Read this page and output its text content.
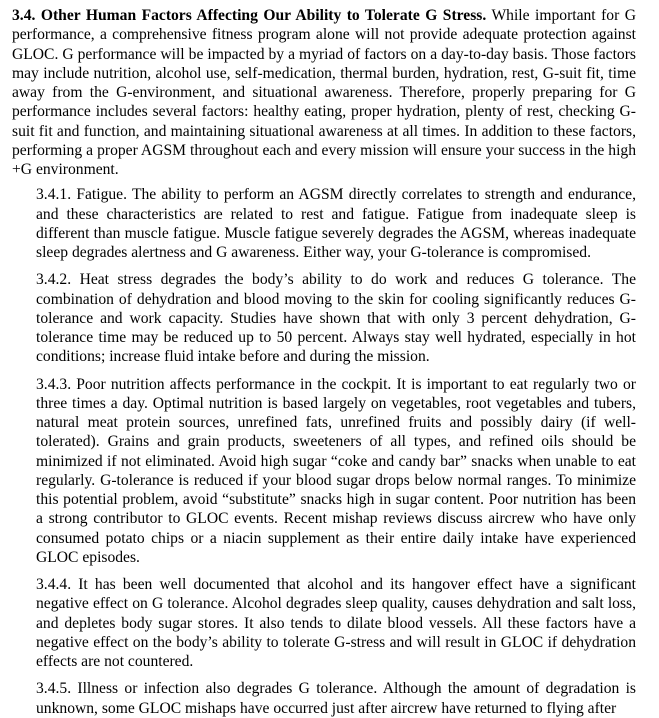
3.4. Other Human Factors Affecting Our Ability to Tolerate G Stress. While important for G performance, a comprehensive fitness program alone will not provide adequate protection against GLOC. G performance will be impacted by a myriad of factors on a day-to-day basis. Those factors may include nutrition, alcohol use, self-medication, thermal burden, hydration, rest, G-suit fit, time away from the G-environment, and situational awareness. Therefore, properly preparing for G performance includes several factors: healthy eating, proper hydration, plenty of rest, checking G-suit fit and function, and maintaining situational awareness at all times. In addition to these factors, performing a proper AGSM throughout each and every mission will ensure your success in the high +G environment.

3.4.1. Fatigue. The ability to perform an AGSM directly correlates to strength and endurance, and these characteristics are related to rest and fatigue. Fatigue from inadequate sleep is different than muscle fatigue. Muscle fatigue severely degrades the AGSM, whereas inadequate sleep degrades alertness and G awareness. Either way, your G-tolerance is compromised.

3.4.2. Heat stress degrades the body’s ability to do work and reduces G tolerance. The combination of dehydration and blood moving to the skin for cooling significantly reduces G-tolerance and work capacity. Studies have shown that with only 3 percent dehydration, G-tolerance time may be reduced up to 50 percent. Always stay well hydrated, especially in hot conditions; increase fluid intake before and during the mission.

3.4.3. Poor nutrition affects performance in the cockpit. It is important to eat regularly two or three times a day. Optimal nutrition is based largely on vegetables, root vegetables and tubers, natural meat protein sources, unrefined fats, unrefined fruits and possibly dairy (if well-tolerated). Grains and grain products, sweeteners of all types, and refined oils should be minimized if not eliminated. Avoid high sugar “coke and candy bar” snacks when unable to eat regularly. G-tolerance is reduced if your blood sugar drops below normal ranges. To minimize this potential problem, avoid “substitute” snacks high in sugar content. Poor nutrition has been a strong contributor to GLOC events. Recent mishap reviews discuss aircrew who have only consumed potato chips or a niacin supplement as their entire daily intake have experienced GLOC episodes.

3.4.4. It has been well documented that alcohol and its hangover effect have a significant negative effect on G tolerance. Alcohol degrades sleep quality, causes dehydration and salt loss, and depletes body sugar stores. It also tends to dilate blood vessels. All these factors have a negative effect on the body’s ability to tolerate G-stress and will result in GLOC if dehydration effects are not countered.

3.4.5. Illness or infection also degrades G tolerance. Although the amount of degradation is unknown, some GLOC mishaps have occurred just after aircrew have returned to flying after
